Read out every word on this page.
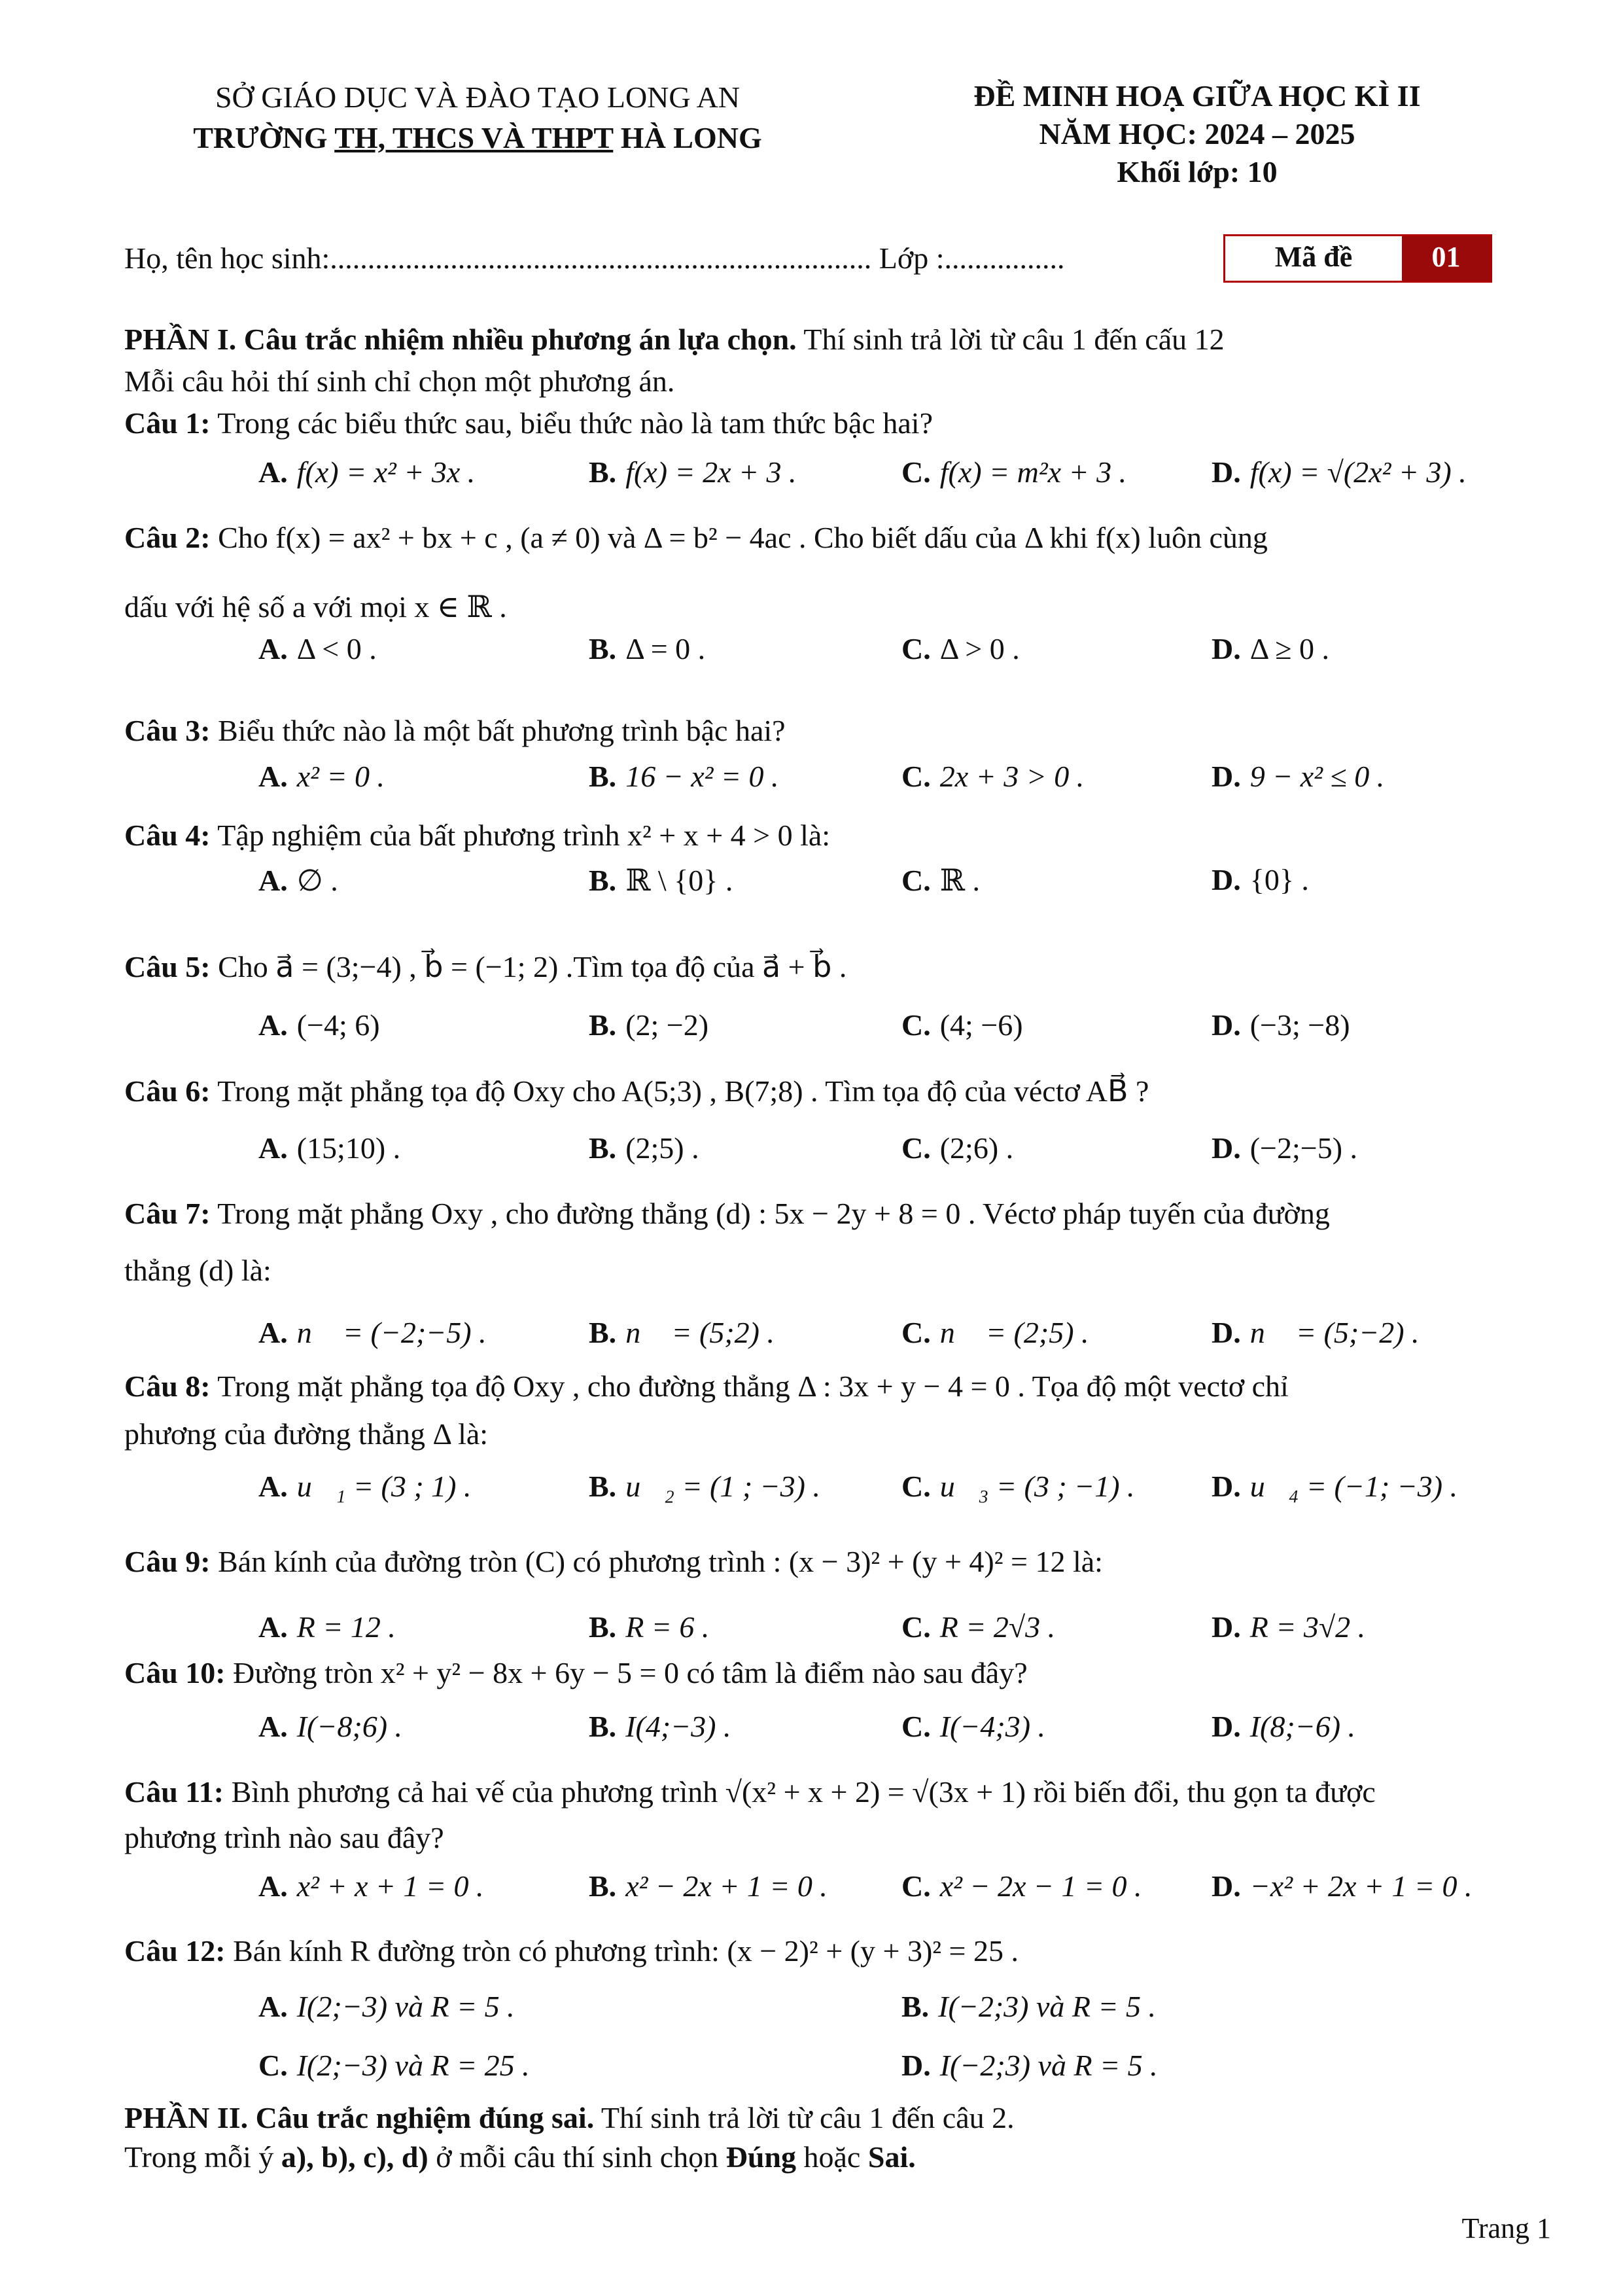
SỞ GIÁO DỤC VÀ ĐÀO TẠO LONG AN
TRƯỜNG TH, THCS VÀ THPT HÀ LONG
ĐỀ MINH HOẠ GIỮA HỌC KÌ II
NĂM HỌC: 2024 – 2025
Khối lớp: 10
Họ, tên học sinh:........................................................................ Lớp :................	Mã đề	01
PHẦN I. Câu trắc nhiệm nhiều phương án lựa chọn. Thí sinh trả lời từ câu 1 đến cấu 12
Mỗi câu hỏi thí sinh chỉ chọn một phương án.
Câu 1: Trong các biểu thức sau, biểu thức nào là tam thức bậc hai?
A. f(x) = x² + 3x .	B. f(x) = 2x + 3 .	C. f(x) = m²x + 3 .	D. f(x) = √(2x² + 3) .
Câu 2: Cho f(x) = ax² + bx + c , (a ≠ 0) và Δ = b² − 4ac . Cho biết dấu của Δ khi f(x) luôn cùng
dấu với hệ số a với mọi x ∈ ℝ .
A. Δ < 0 .	B. Δ = 0 .	C. Δ > 0 .	D. Δ ≥ 0 .
Câu 3: Biểu thức nào là một bất phương trình bậc hai?
A. x² = 0 .	B. 16 − x² = 0 .	C. 2x + 3 > 0 .	D. 9 − x² ≤ 0 .
Câu 4: Tập nghiệm của bất phương trình x² + x + 4 > 0 là:
A. ∅ .	B. ℝ \ {0} .	C. ℝ .	D. {0} .
Câu 5: Cho a⃗ = (3;−4) , b⃗ = (−1; 2) .Tìm tọa độ của a⃗ + b⃗ .
A. (−4; 6)	B. (2; −2)	C. (4; −6)	D. (−3; −8)
Câu 6: Trong mặt phẳng tọa độ Oxy cho A(5;3) , B(7;8) . Tìm tọa độ của véctơ AB⃗ ?
A. (15;10) .	B. (2;5) .	C. (2;6) .	D. (−2;−5) .
Câu 7: Trong mặt phẳng Oxy , cho đường thẳng (d) : 5x − 2y + 8 = 0 . Véctơ pháp tuyến của đường
thẳng (d) là:
A. n⃗ = (−2;−5) .	B. n⃗ = (5;2) .	C. n⃗ = (2;5) .	D. n⃗ = (5;−2) .
Câu 8: Trong mặt phẳng tọa độ Oxy , cho đường thẳng Δ : 3x + y − 4 = 0 . Tọa độ một vectơ chỉ
phương của đường thẳng Δ là:
A. u⃗₁ = (3 ; 1) .	B. u⃗₂ = (1 ; −3) .	C. u⃗₃ = (3 ; −1) .	D. u⃗₄ = (−1; −3) .
Câu 9: Bán kính của đường tròn (C) có phương trình : (x − 3)² + (y + 4)² = 12 là:
A. R = 12 .	B. R = 6 .	C. R = 2√3 .	D. R = 3√2 .
Câu 10: Đường tròn x² + y² − 8x + 6y − 5 = 0 có tâm là điểm nào sau đây?
A. I(−8;6) .	B. I(4;−3) .	C. I(−4;3) .	D. I(8;−6) .
Câu 11: Bình phương cả hai vế của phương trình √(x² + x + 2) = √(3x + 1) rồi biến đổi, thu gọn ta được
phương trình nào sau đây?
A. x² + x + 1 = 0 .	B. x² − 2x + 1 = 0 . C. x² − 2x − 1 = 0 . D. −x² + 2x + 1 = 0 .
Câu 12: Bán kính R đường tròn có phương trình: (x − 2)² + (y + 3)² = 25 .
A. I(2;−3) và R = 5 .	B. I(−2;3) và R = 5 .
C. I(2;−3) và R = 25 .	D. I(−2;3) và R = 5 .
PHẦN II. Câu trắc nghiệm đúng sai. Thí sinh trả lời từ câu 1 đến câu 2.
Trong mỗi ý a), b), c), d) ở mỗi câu thí sinh chọn Đúng hoặc Sai.
Trang 1
